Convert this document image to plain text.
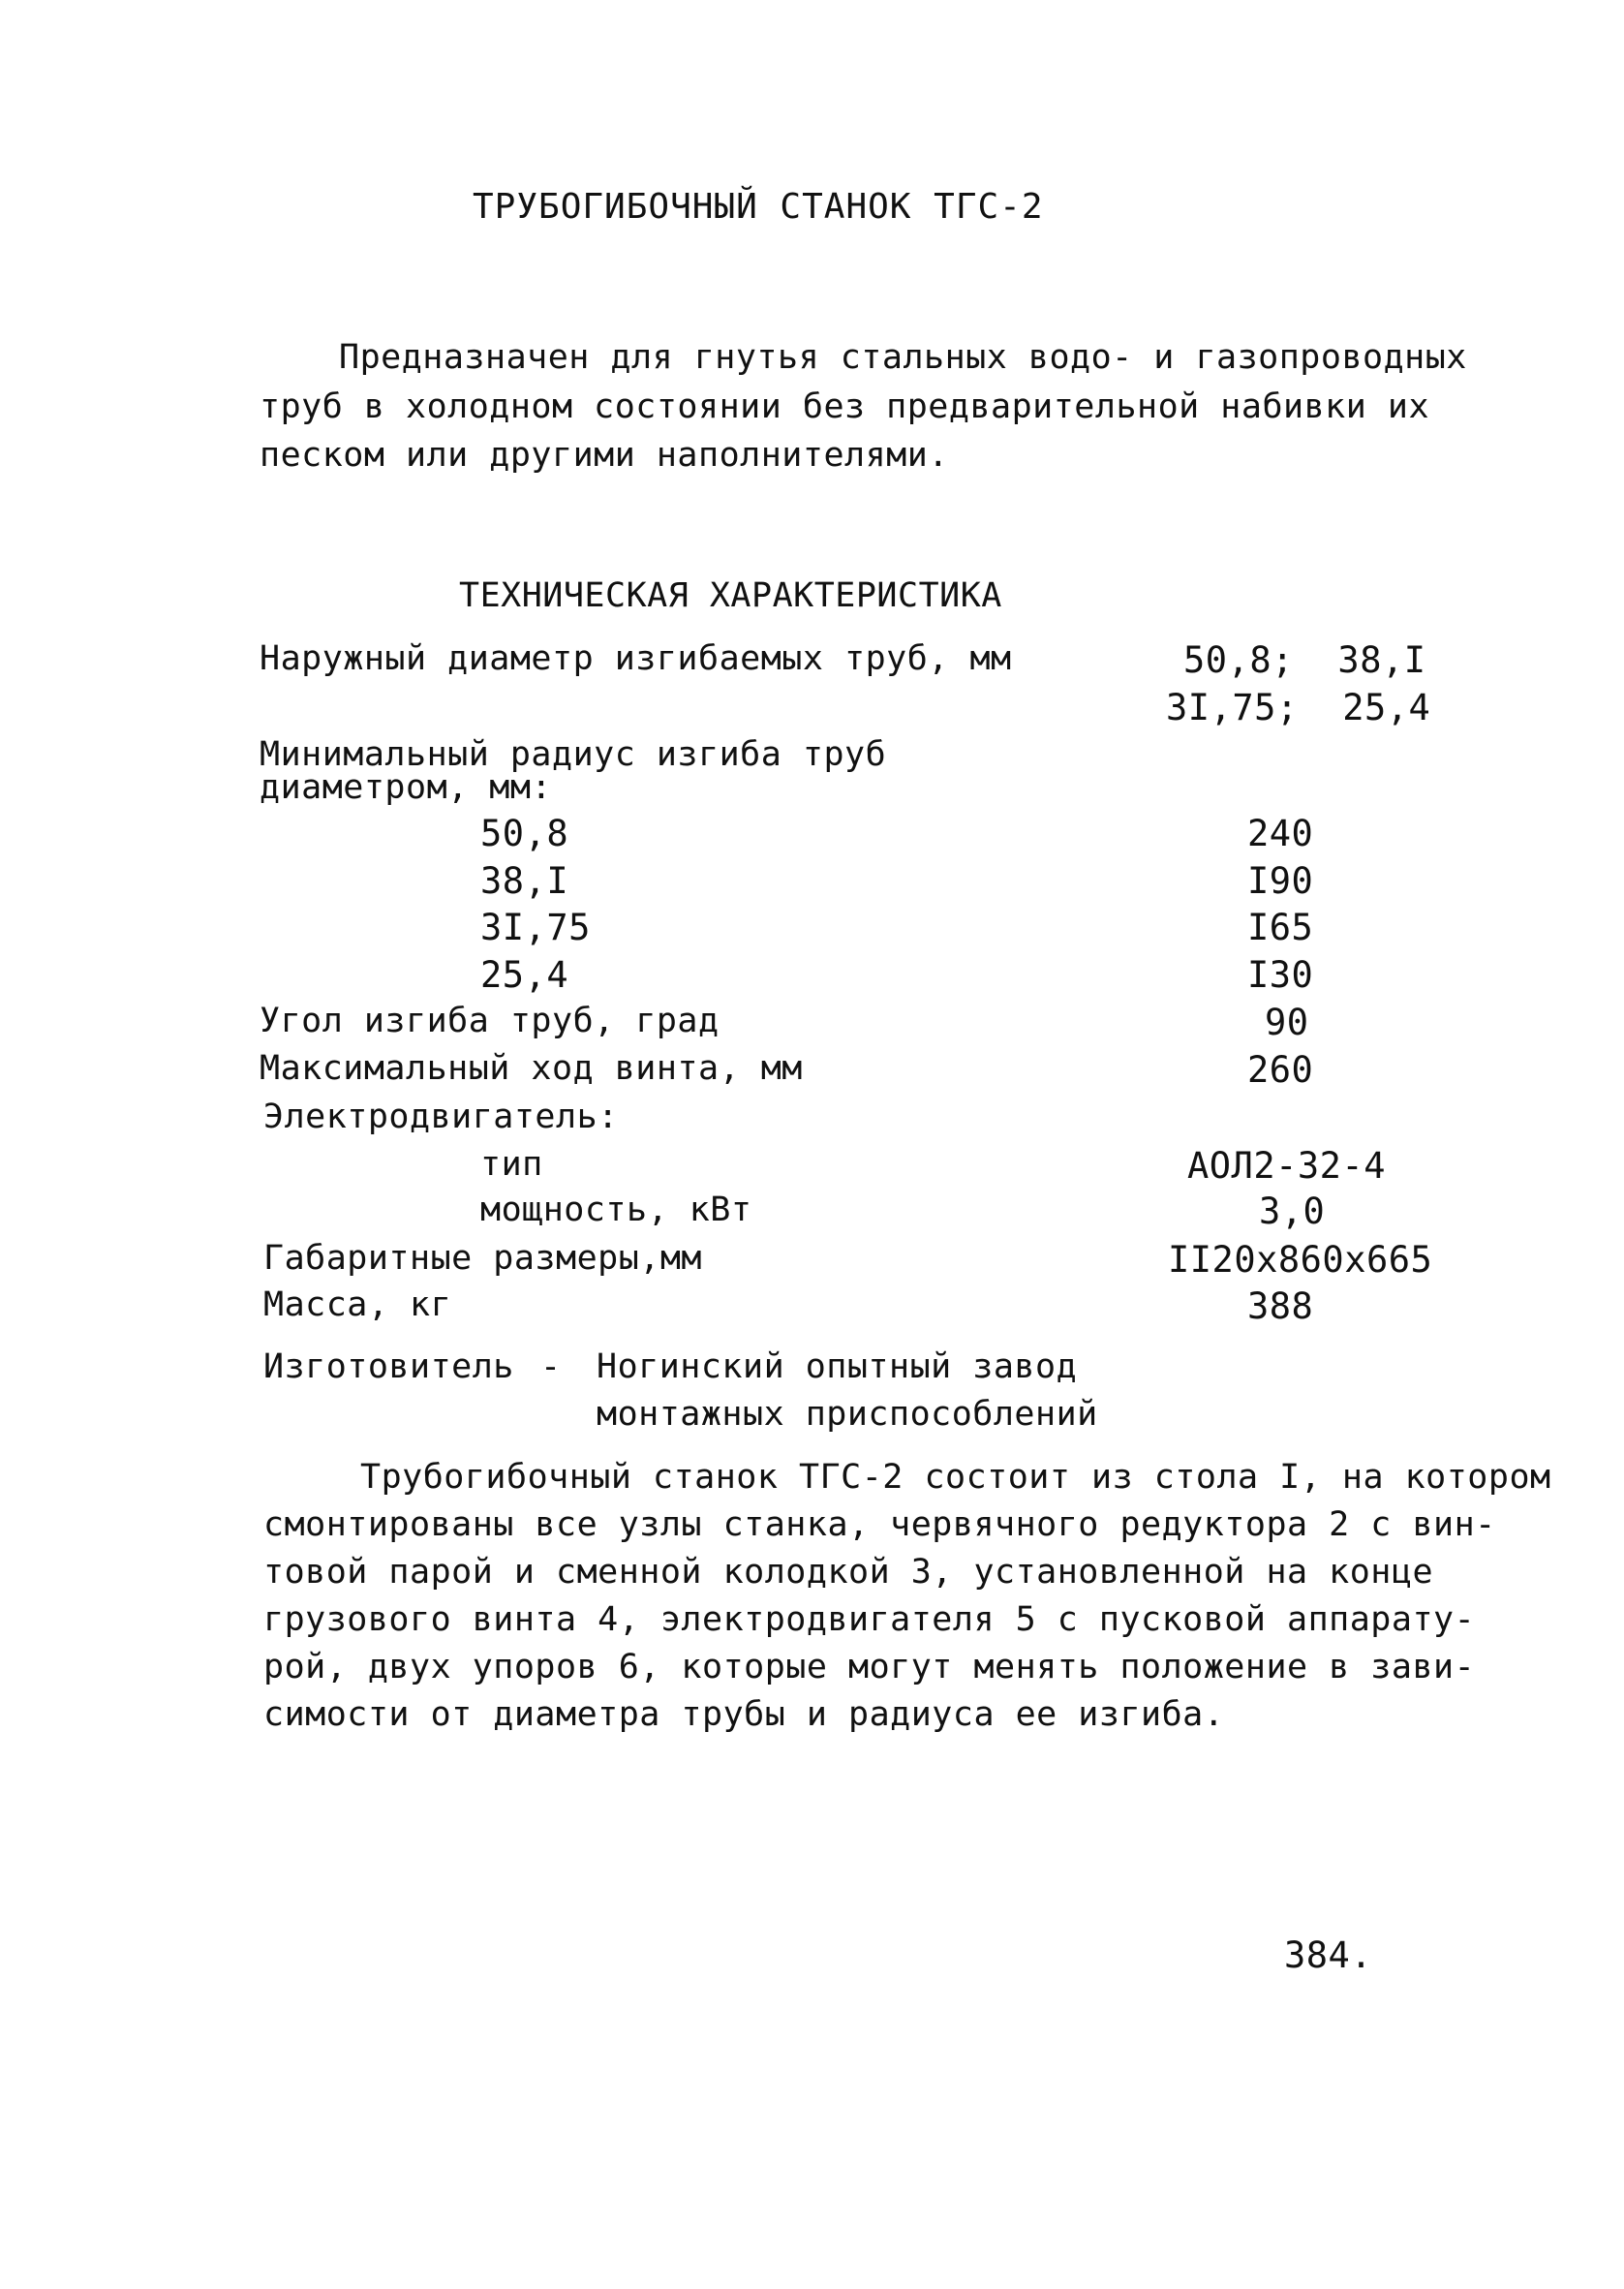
ТРУБОГИБОЧНЫЙ СТАНОК ТГС-2
Предназначен для гнутья стальных водо- и газопроводных
труб в холодном состоянии без предварительной набивки их
песком или другими наполнителями.
ТЕХНИЧЕСКАЯ ХАРАКТЕРИСТИКА
Наружный диаметр изгибаемых труб, мм	50,8;  38,I
3I,75;  25,4
Минимальный радиус изгиба труб
диаметром, мм:
50,8	240
38,I	I90
3I,75	I65
25,4	I30
Угол изгиба труб, град	90
Максимальный ход винта, мм	260
Электродвигатель:
тип	АОЛ2-32-4
мощность, кВт	3,0
Габаритные размеры,мм	II20x860x665
Масса, кг	388
Изготовитель - Ногинский опытный завод
монтажных приспособлений
Трубогибочный станок ТГС-2 состоит из стола I, на котором
смонтированы все узлы станка, червячного редуктора 2 с вин-
товой парой и сменной колодкой 3, установленной на конце
грузового винта 4, электродвигателя 5 с пусковой аппарату-
рой, двух упоров 6, которые могут менять положение в зави-
симости от диаметра трубы и радиуса ее изгиба.
384.
